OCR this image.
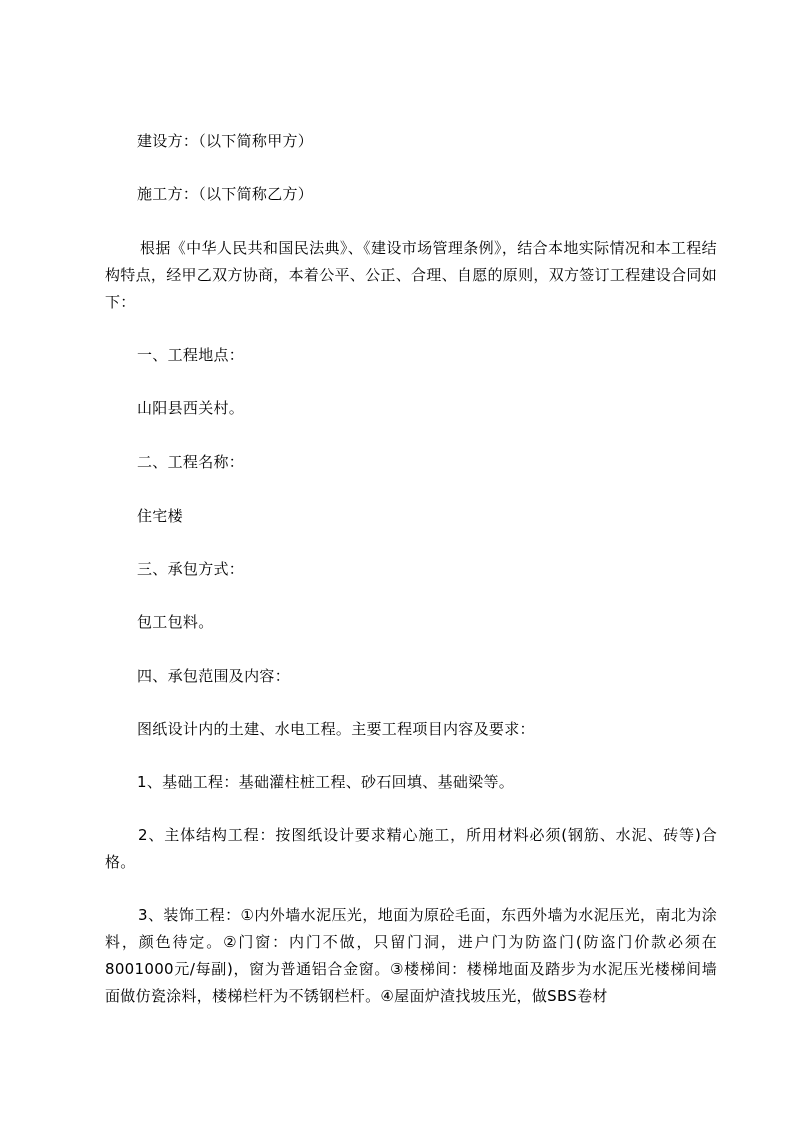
建设方：（以下简称甲方）

施工方：（以下简称乙方）

根据《中华人民共和国民法典》、《建设市场管理条例》，结合本地实际情况和本工程结构特点，经甲乙双方协商，本着公平、公正、合理、自愿的原则，双方签订工程建设合同如下：

一、工程地点：

山阳县西关村。

二、工程名称：

住宅楼

三、承包方式：

包工包料。

四、承包范围及内容：

图纸设计内的土建、水电工程。主要工程项目内容及要求：

1、基础工程：基础灌柱桩工程、砂石回填、基础梁等。

2、主体结构工程：按图纸设计要求精心施工，所用材料必须(钢筋、水泥、砖等)合格。

3、装饰工程：①内外墙水泥压光，地面为原砼毛面，东西外墙为水泥压光，南北为涂料，颜色待定。②门窗：内门不做，只留门洞，进户门为防盗门(防盗门价款必须在8001000元/每副)，窗为普通铝合金窗。③楼梯间：楼梯地面及踏步为水泥压光楼梯间墙面做仿瓷涂料，楼梯栏杆为不锈钢栏杆。④屋面炉渣找坡压光，做SBS卷材
